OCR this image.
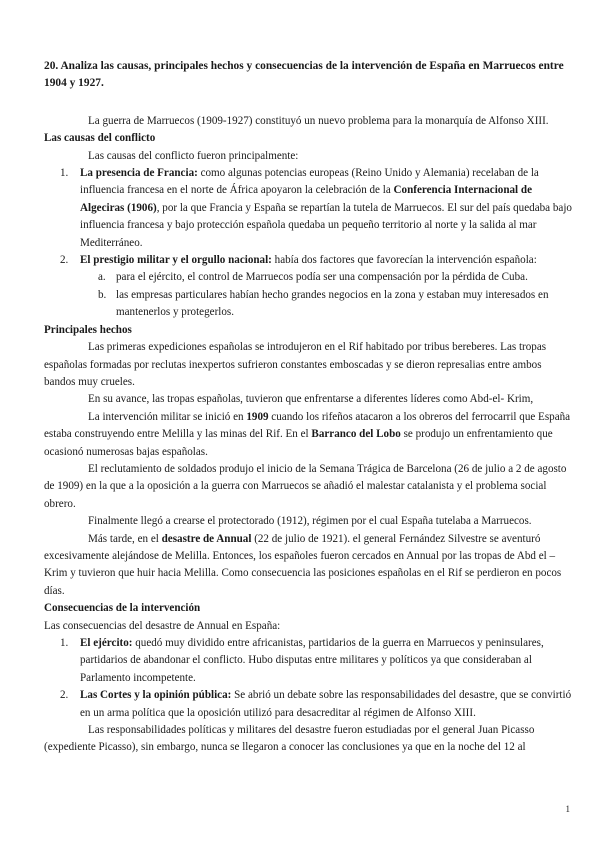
20. Analiza las causas, principales hechos y consecuencias de la intervención de España en Marruecos entre 1904 y 1927.

La guerra de Marruecos (1909-1927) constituyó un nuevo problema para la monarquía de Alfonso XIII.

Las causas del conflicto

Las causas del conflicto fueron principalmente:

1. La presencia de Francia: como algunas potencias europeas (Reino Unido y Alemania) recelaban de la influencia francesa en el norte de África apoyaron la celebración de la Conferencia Internacional de Algeciras (1906), por la que Francia y España se repartían la tutela de Marruecos. El sur del país quedaba bajo influencia francesa y bajo protección española quedaba un pequeño territorio al norte y la salida al mar Mediterráneo.
2. El prestigio militar y el orgullo nacional: había dos factores que favorecían la intervención española:
a. para el ejército, el control de Marruecos podía ser una compensación por la pérdida de Cuba.
b. las empresas particulares habían hecho grandes negocios en la zona y estaban muy interesados en mantenerlos y protegerlos.
Principales hechos

Las primeras expediciones españolas se introdujeron en el Rif habitado por tribus bereberes. Las tropas españolas formadas por reclutas inexpertos sufrieron constantes emboscadas y se dieron represalias entre ambos bandos muy crueles.

En su avance, las tropas españolas, tuvieron que enfrentarse a diferentes líderes como Abd-el- Krim,

La intervención militar se inició en 1909 cuando los rifeños atacaron a los obreros del ferrocarril que España estaba construyendo entre Melilla y las minas del Rif. En el Barranco del Lobo se produjo un enfrentamiento que ocasionó numerosas bajas españolas.

El reclutamiento de soldados produjo el inicio de la Semana Trágica de Barcelona (26 de julio a 2 de agosto de 1909) en la que a la oposición a la guerra con Marruecos se añadió el malestar catalanista y el problema social obrero.

Finalmente llegó a crearse el protectorado (1912), régimen por el cual España tutelaba a Marruecos.

Más tarde, en el desastre de Annual (22 de julio de 1921). el general Fernández Silvestre se aventuró excesivamente alejándose de Melilla. Entonces, los españoles fueron cercados en Annual por las tropas de Abd el –Krim y tuvieron que huir hacia Melilla. Como consecuencia las posiciones españolas en el Rif se perdieron en pocos días.

Consecuencias de la intervención

Las consecuencias del desastre de Annual en España:

1. El ejército: quedó muy dividido entre africanistas, partidarios de la guerra en Marruecos y peninsulares, partidarios de abandonar el conflicto. Hubo disputas entre militares y políticos ya que consideraban al Parlamento incompetente.
2. Las Cortes y la opinión pública: Se abrió un debate sobre las responsabilidades del desastre, que se convirtió en un arma política que la oposición utilizó para desacreditar al régimen de Alfonso XIII.

Las responsabilidades políticas y militares del desastre fueron estudiadas por el general Juan Picasso (expediente Picasso), sin embargo, nunca se llegaron a conocer las conclusiones ya que en la noche del 12 al

1
